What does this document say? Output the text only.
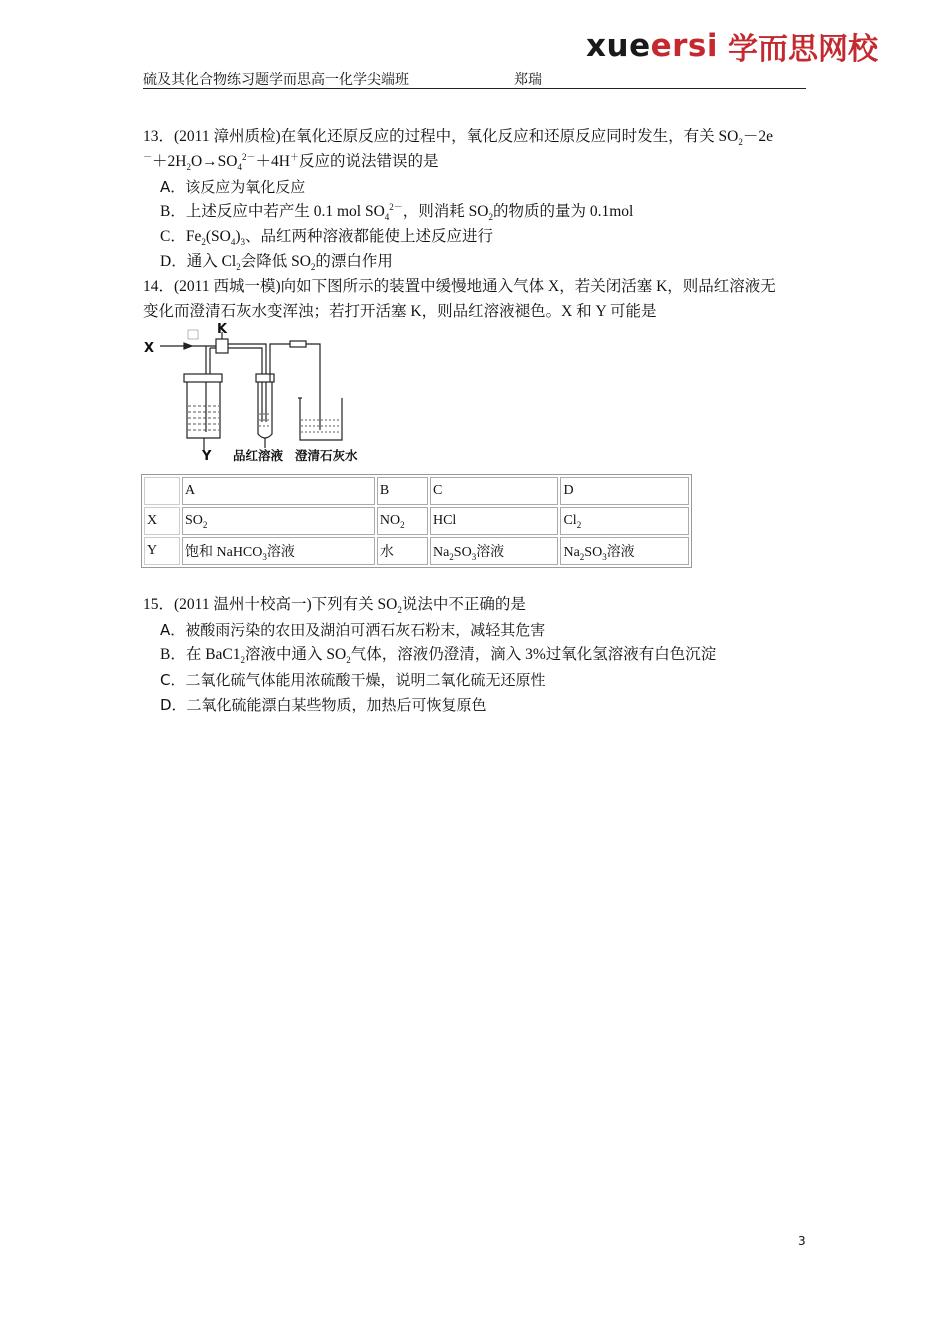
xueersi 学而思网校
硫及其化合物练习题学而思高一化学尖端班	郑瑞
13．(2011 漳州质检)在氧化还原反应的过程中，氧化反应和还原反应同时发生，有关 $SO_2-2e$
$^-+2H_2O\to SO_4^{2-}+4H^+$反应的说法错误的是
A．该反应为氧化反应
B．上述反应中若产生 0.1 mol $SO_4^{2-}$，则消耗 $SO_2$的物质的量为 0.1mol
C．$Fe_2(SO_4)_3$、品红两种溶液都能使上述反应进行
D．通入 $Cl_2$会降低 $SO_2$的漂白作用
14．(2011 西城一模)向如下图所示的装置中缓慢地通入气体 X，若关闭活塞 K，则品红溶液无
变化而澄清石灰水变浑浊；若打开活塞 K，则品红溶液褪色。X 和 Y 可能是
X
K
Y 品红溶液 澄清石灰水
	A	B	C	D
X	$SO_2$	$NO_2$	HCl	$Cl_2$
Y	饱和 NaHCO$_3$溶液	水	$Na_2SO_3$溶液	$Na_2SO_3$溶液
15．(2011 温州十校高一)下列有关 $SO_2$说法中不正确的是
A．被酸雨污染的农田及湖泊可洒石灰石粉末，减轻其危害
B．在 $BaC1_2$溶液中通入 $SO_2$气体，溶液仍澄清，滴入 3%过氧化氢溶液有白色沉淀
C．二氧化硫气体能用浓硫酸干燥，说明二氧化硫无还原性
D．二氧化硫能漂白某些物质，加热后可恢复原色
3
